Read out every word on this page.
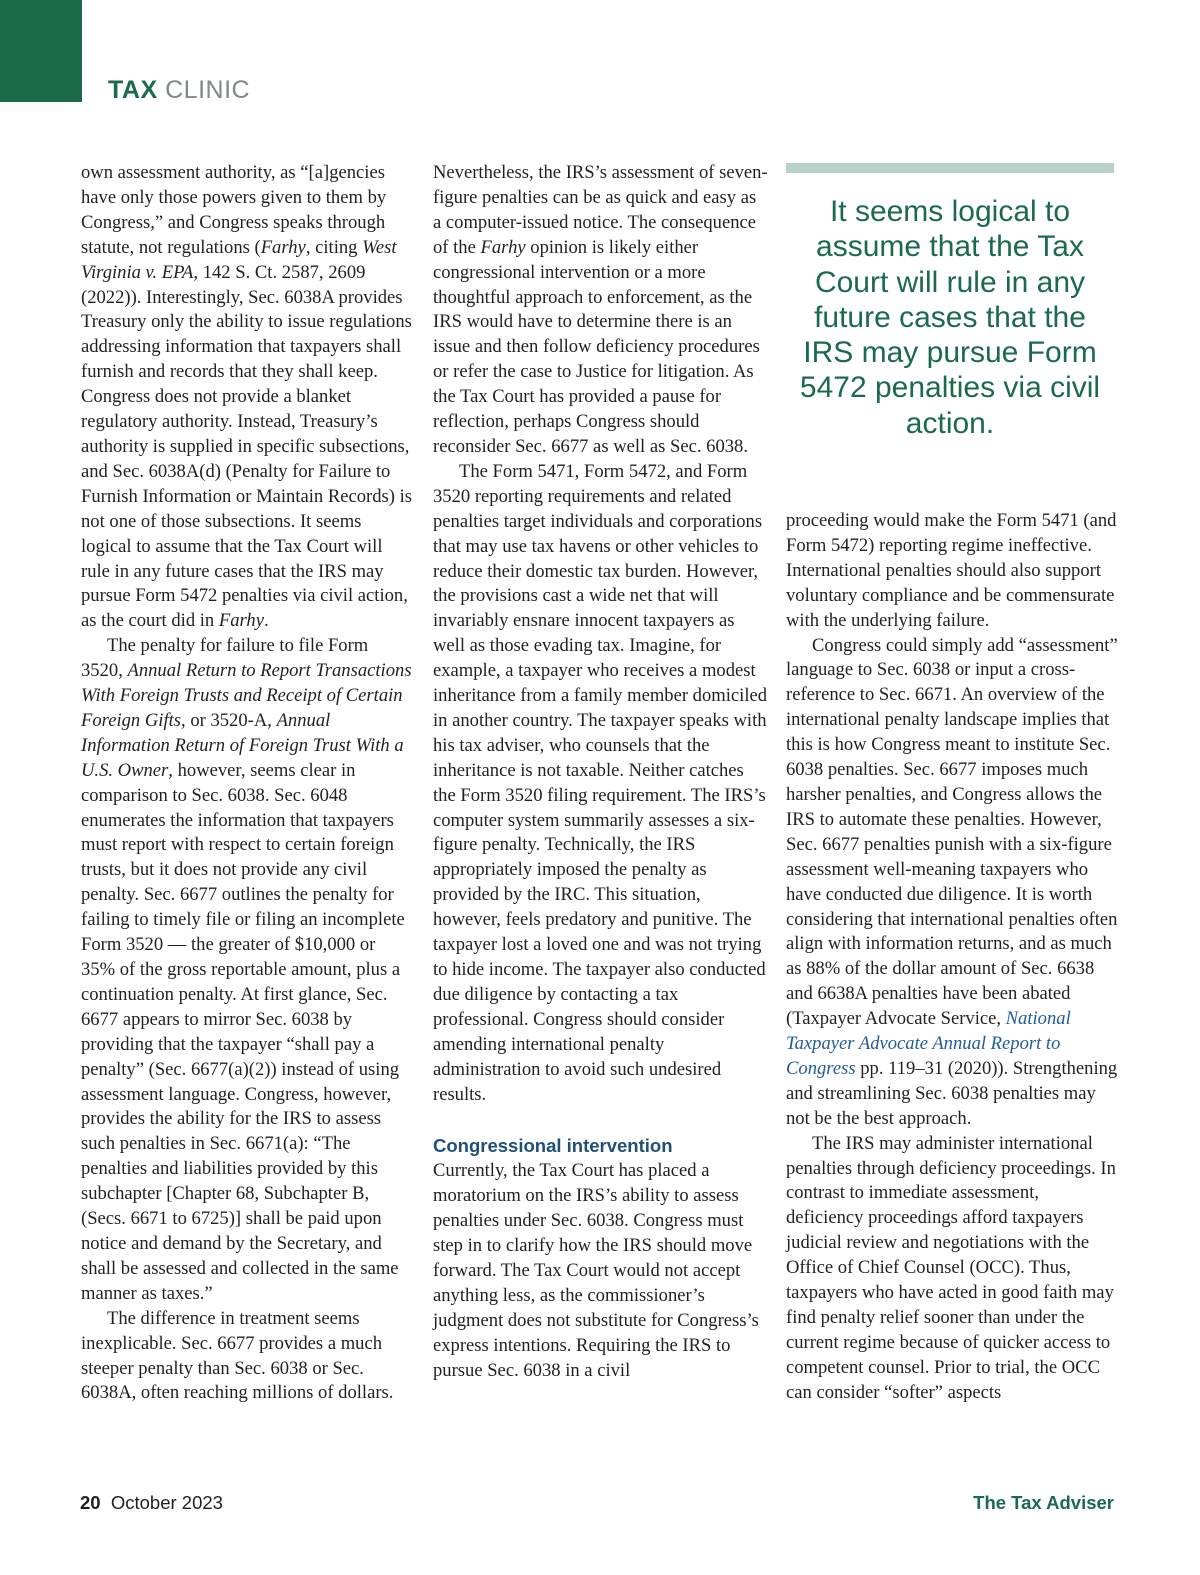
TAX CLINIC

own assessment authority, as “[a]gencies have only those powers given to them by Congress,” and Congress speaks through statute, not regulations (Farhy, citing West Virginia v. EPA, 142 S. Ct. 2587, 2609 (2022)). Interestingly, Sec. 6038A provides Treasury only the ability to issue regulations addressing information that taxpayers shall furnish and records that they shall keep. Congress does not provide a blanket regulatory authority. Instead, Treasury’s authority is supplied in specific subsections, and Sec. 6038A(d) (Penalty for Failure to Furnish Information or Maintain Records) is not one of those subsections. It seems logical to assume that the Tax Court will rule in any future cases that the IRS may pursue Form 5472 penalties via civil action, as the court did in Farhy.

The penalty for failure to file Form 3520, Annual Return to Report Transactions With Foreign Trusts and Receipt of Certain Foreign Gifts, or 3520-A, Annual Information Return of Foreign Trust With a U.S. Owner, however, seems clear in comparison to Sec. 6038. Sec. 6048 enumerates the information that taxpayers must report with respect to certain foreign trusts, but it does not provide any civil penalty. Sec. 6677 outlines the penalty for failing to timely file or filing an incomplete Form 3520 — the greater of $10,000 or 35% of the gross reportable amount, plus a continuation penalty. At first glance, Sec. 6677 appears to mirror Sec. 6038 by providing that the taxpayer “shall pay a penalty” (Sec. 6677(a)(2)) instead of using assessment language. Congress, however, provides the ability for the IRS to assess such penalties in Sec. 6671(a): “The penalties and liabilities provided by this subchapter [Chapter 68, Subchapter B, (Secs. 6671 to 6725)] shall be paid upon notice and demand by the Secretary, and shall be assessed and collected in the same manner as taxes.”

The difference in treatment seems inexplicable. Sec. 6677 provides a much steeper penalty than Sec. 6038 or Sec. 6038A, often reaching millions of dollars.

Nevertheless, the IRS’s assessment of seven-figure penalties can be as quick and easy as a computer-issued notice. The consequence of the Farhy opinion is likely either congressional intervention or a more thoughtful approach to enforcement, as the IRS would have to determine there is an issue and then follow deficiency procedures or refer the case to Justice for litigation. As the Tax Court has provided a pause for reflection, perhaps Congress should reconsider Sec. 6677 as well as Sec. 6038.

The Form 5471, Form 5472, and Form 3520 reporting requirements and related penalties target individuals and corporations that may use tax havens or other vehicles to reduce their domestic tax burden. However, the provisions cast a wide net that will invariably ensnare innocent taxpayers as well as those evading tax. Imagine, for example, a taxpayer who receives a modest inheritance from a family member domiciled in another country. The taxpayer speaks with his tax adviser, who counsels that the inheritance is not taxable. Neither catches the Form 3520 filing requirement. The IRS’s computer system summarily assesses a six-figure penalty. Technically, the IRS appropriately imposed the penalty as provided by the IRC. This situation, however, feels predatory and punitive. The taxpayer lost a loved one and was not trying to hide income. The taxpayer also conducted due diligence by contacting a tax professional. Congress should consider amending international penalty administration to avoid such undesired results.

Congressional intervention

Currently, the Tax Court has placed a moratorium on the IRS’s ability to assess penalties under Sec. 6038. Congress must step in to clarify how the IRS should move forward. The Tax Court would not accept anything less, as the commissioner’s judgment does not substitute for Congress’s express intentions. Requiring the IRS to pursue Sec. 6038 in a civil

It seems logical to assume that the Tax Court will rule in any future cases that the IRS may pursue Form 5472 penalties via civil action.

proceeding would make the Form 5471 (and Form 5472) reporting regime ineffective. International penalties should also support voluntary compliance and be commensurate with the underlying failure.

Congress could simply add “assessment” language to Sec. 6038 or input a cross-reference to Sec. 6671. An overview of the international penalty landscape implies that this is how Congress meant to institute Sec. 6038 penalties. Sec. 6677 imposes much harsher penalties, and Congress allows the IRS to automate these penalties. However, Sec. 6677 penalties punish with a six-figure assessment well-meaning taxpayers who have conducted due diligence. It is worth considering that international penalties often align with information returns, and as much as 88% of the dollar amount of Sec. 6638 and 6638A penalties have been abated (Taxpayer Advocate Service, National Taxpayer Advocate Annual Report to Congress pp. 119–31 (2020)). Strengthening and streamlining Sec. 6038 penalties may not be the best approach.

The IRS may administer international penalties through deficiency proceedings. In contrast to immediate assessment, deficiency proceedings afford taxpayers judicial review and negotiations with the Office of Chief Counsel (OCC). Thus, taxpayers who have acted in good faith may find penalty relief sooner than under the current regime because of quicker access to competent counsel. Prior to trial, the OCC can consider “softer” aspects

20 October 2023	The Tax Adviser
